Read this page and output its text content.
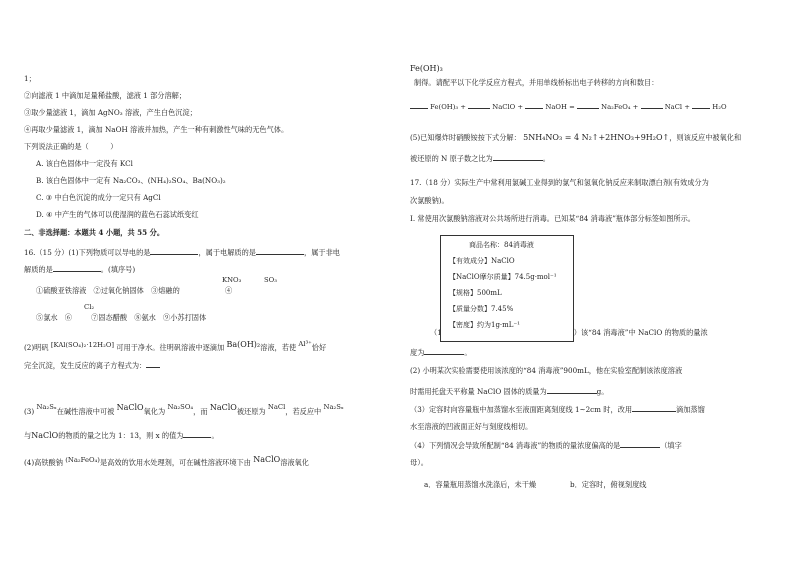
1；
②向滤液 1 中滴加足量稀盐酸，滤液 1 部分溶解；
③取少量滤液 1，滴加 AgNO₃ 溶液，产生白色沉淀；
④再取少量滤液 1，滴加 NaOH 溶液并加热，产生一种有刺激性气味的无色气体。
下列说法正确的是（　　　）
A. 该白色固体中一定没有 KCl
B. 该白色固体中一定有 Na₂CO₃、(NH₄)₂SO₄、Ba(NO₃)₂
C. ③ 中白色沉淀的成分一定只有 AgCl
D. ④ 中产生的气体可以使湿润的蓝色石蕊试纸变红
二、非选择题：本题共 4 小题，共 55 分。
16.（15 分）(1)下列物质可以导电的是	，属于电解质的是	，属于非电
解质的是	。(填序号)
KNO₃	SO₃
①硫酸亚铁溶液　②过氧化钠固体　③熔融的	　④
Cl₂
⑤氯水　⑥　⑦固态醋酸　⑧氨水　⑨小苏打固体
(2)明矾 [KAl(SO₄)₂·12H₂O] 可用于净水。往明矾溶液中逐滴加 Ba(OH)₂溶液，若使 Al³⁺恰好
完全沉淀，发生反应的离子方程式为：
(3) Na₂Sₓ在碱性溶液中可被 NaClO氧化为 Na₂SO₄，而 NaClO被还原为 NaCl，若反应中 Na₂Sₓ
与NaClO的物质的量之比为 1：13，则 x 的值为	。
(4)高铁酸钠 (Na₂FeO₄)是高效的饮用水处理剂，可在碱性溶液环境下由 NaClO溶液氧化
Fe(OH)₃
制得。请配平以下化学反应方程式，并用单线桥标出电子转移的方向和数目：
Fe(OH)₃ +	NaClO +	NaOH =	Na₂FeO₄ +	NaCl +	H₂O
(5)已知爆炸时硝酸铵按下式分解： 5NH₄NO₃ = 4 N₂↑+2HNO₃+9H₂O↑，则该反应中被氧化和
被还原的 N 原子数之比为	。
17.（18 分）实际生产中常利用氯碱工业得到的氯气和氢氧化钠反应来制取漂白剂(有效成分为
次氯酸钠)。
I. 常使用次氯酸钠溶液对公共场所进行消毒。已知某“84 消毒液”瓶体部分标签如图所示。
（1	）该“84 消毒液”中 NaClO 的物质的量浓
度为	。
(2) 小明某次实验需要使用该浓度的“84 消毒液”900mL，他在实验室配制该浓度溶液
时需用托盘天平称量 NaClO 固体的质量为	g。
（3）定容时向容量瓶中加蒸馏水至液面距离刻度线 1~2cm 时，改用	滴加蒸馏
水至溶液的凹液面正好与刻度线相切。
（4）下列情况会导致所配制“84 消毒液”的物质的量浓度偏高的是	（填字
母）。
a．容量瓶用蒸馏水洗涤后，未干燥	b．定容时，俯视刻度线
商品名称：84消毒液
【有效成分】NaClO
【NaClO摩尔质量】74.5g·mol⁻¹
【规格】500mL
【质量分数】7.45%
【密度】约为1g·mL⁻¹
